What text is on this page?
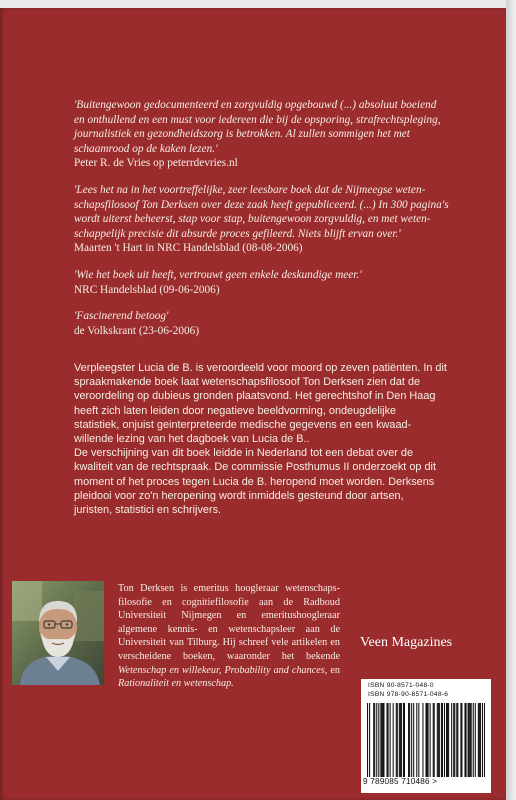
'Buitengewoon gedocumenteerd en zorgvuldig opgebouwd (...) absoluut boeiend
en onthullend en een must voor iedereen die bij de opsporing, strafrechtspleging,
journalistiek en gezondheidszorg is betrokken. Al zullen sommigen het met
schaamrood op de kaken lezen.'
Peter R. de Vries op peterrdevries.nl
'Lees het na in het voortreffelijke, zeer leesbare boek dat de Nijmeegse weten-
schapsfilosoof Ton Derksen over deze zaak heeft gepubliceerd. (...) In 300 pagina's
wordt uiterst beheerst, stap voor stap, buitengewoon zorgvuldig, en met weten-
schappelijk precisie dit absurde proces gefileerd. Niets blijft ervan over.'
Maarten 't Hart in NRC Handelsblad (08-08-2006)
'Wie het boek uit heeft, vertrouwt geen enkele deskundige meer.'
NRC Handelsblad (09-06-2006)
'Fascinerend betoog'
de Volkskrant (23-06-2006)

Verpleegster Lucia de B. is veroordeeld voor moord op zeven patiënten. In dit
spraakmakende boek laat wetenschapsfilosoof Ton Derksen zien dat de
veroordeling op dubieus gronden plaatsvond. Het gerechtshof in Den Haag
heeft zich laten leiden door negatieve beeldvorming, ondeugdelijke
statistiek, onjuist geinterpreteerde medische gegevens en een kwaad-
willende lezing van het dagboek van Lucia de B..

De verschijning van dit boek leidde in Nederland tot een debat over de
kwaliteit van de rechtspraak. De commissie Posthumus II onderzoekt op dit
moment of het proces tegen Lucia de B. heropend moet worden. Derksens
pleidooi voor zo'n heropening wordt inmiddels gesteund door artsen,
juristen, statistici en schrijvers.

Ton Derksen is emeritus hoogleraar wetenschaps-filosofie en cognitiefilosofie aan de Radboud Universiteit Nijmegen en emeritushoogleraar algemene kennis- en wetenschapsleer aan de Universiteit van Tilburg. Hij schreef vele artikelen en verscheidene boeken, waaronder het bekende Wetenschap en willekeur, Probability and chances, en Rationaliteit en wetenschap.
Veen Magazines
ISBN 90-8571-048-0
ISBN 978-90-8571-048-6
9 789085 710486 >
